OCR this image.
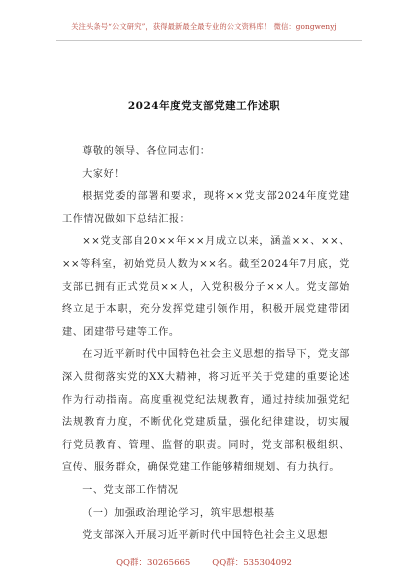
关注头条号“公文研究”，获得最新最全最专业的公文资料库！ 微信：gongwenyj
2024年度党支部党建工作述职

尊敬的领导、各位同志们：

大家好！

根据党委的部署和要求，现将××党支部2024年度党建工作情况做如下总结汇报：

××党支部自20××年××月成立以来，涵盖××、××、××等科室，初始党员人数为××名。截至2024年7月底，党支部已拥有正式党员××人，入党积极分子××人。党支部始终立足于本职，充分发挥党建引领作用，积极开展党建带团建、团建带号建等工作。

在习近平新时代中国特色社会主义思想的指导下，党支部深入贯彻落实党的XX大精神，将习近平关于党建的重要论述作为行动指南。高度重视党纪法规教育，通过持续加强党纪法规教育力度，不断优化党建质量，强化纪律建设，切实履行党员教育、管理、监督的职责。同时，党支部积极组织、宣传、服务群众，确保党建工作能够精细规划、有力执行。

一、党支部工作情况

（一）加强政治理论学习，筑牢思想根基

党支部深入开展习近平新时代中国特色社会主义思想

QQ群：30265665	QQ群：535304092
